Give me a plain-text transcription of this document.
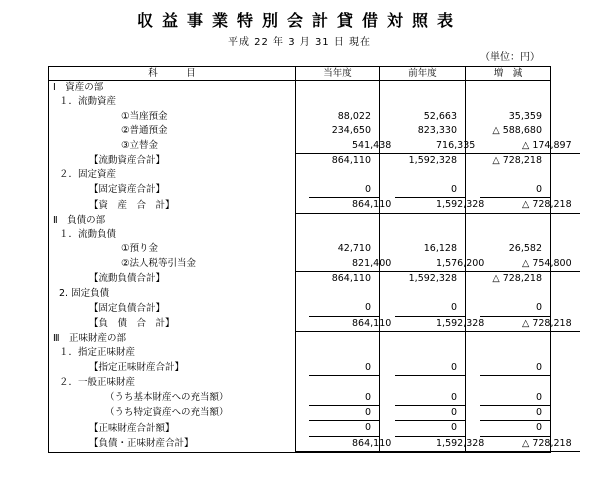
収益事業特別会計貸借対照表
平成 22 年 3 月 31 日 現在
（単位：円）
科　　　目	当年度	前年度	増　減
Ⅰ　資産の部			
１．流動資産			
①当座預金	88,022	52,663	35,359
②普通預金	234,650	823,330	△ 588,680
③立替金	541,438	716,335	△ 174,897
【流動資産合計】	864,110	1,592,328	△ 728,218
２．固定資産			
【固定資産合計】	0	0	0
【資　産　合　計】	864,110	1,592,328	△ 728,218
Ⅱ　負債の部			
１．流動負債			
①預り金	42,710	16,128	26,582
②法人税等引当金	821,400	1,576,200	△ 754,800
【流動負債合計】	864,110	1,592,328	△ 728,218
2. 固定負債			
【固定負債合計】	0	0	0
【負　債　合　計】	864,110	1,592,328	△ 728,218
Ⅲ　正味財産の部			
１．指定正味財産			
【指定正味財産合計】	0	0	0
２．一般正味財産			
（うち基本財産への充当額）	0	0	0
（うち特定資産への充当額）	0	0	0
【正味財産合計額】	0	0	0
【負債・正味財産合計】	864,110	1,592,328	△ 728,218
